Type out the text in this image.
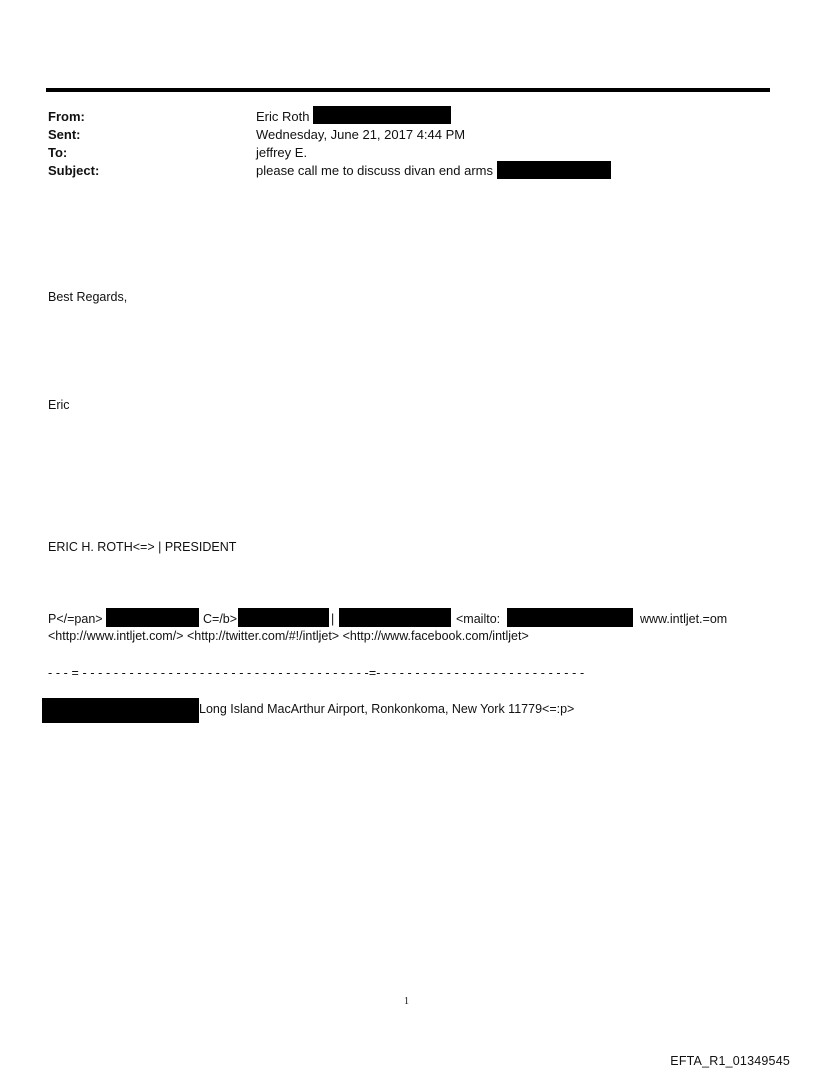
From:	Eric Roth
Sent:	Wednesday, June 21, 2017 4:44 PM
To:	jeffrey E.
Subject:	please call me to discuss divan end arms
Best Regards,
Eric
ERIC H. ROTH<=> | PRESIDENT
P</=pan>	C=/b>	|	<mailto:	www.intljet.=om
<http://www.intljet.com/> <http://twitter.com/#!/intljet> <http://www.facebook.com/intljet>
- - - = - - - - - - - - - - - - - - - - - - - - - - - - - - - - - - - - - - - - -=- - - - - - - - - - - - - - - - - - - - - - - - - - -
Long Island MacArthur Airport, Ronkonkoma, New York 11779<=:p>
1
EFTA_R1_01349545
